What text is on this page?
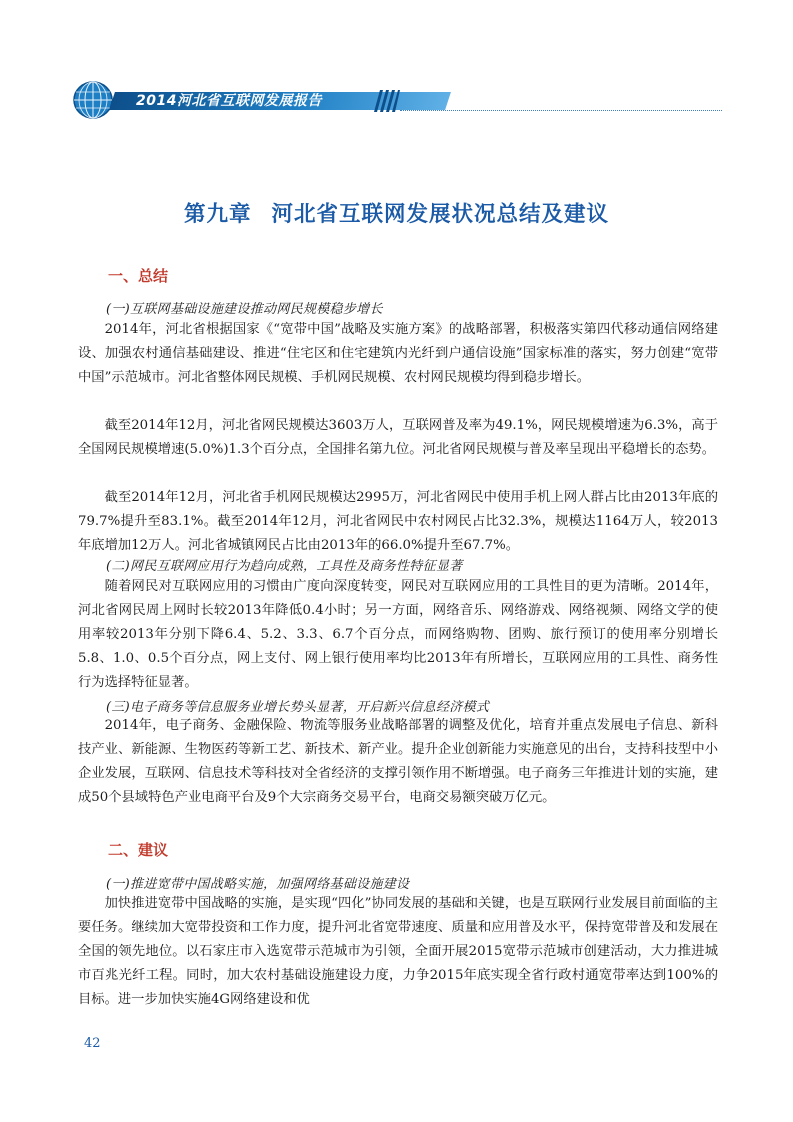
2014河北省互联网发展报告
第九章 河北省互联网发展状况总结及建议
一、总结
(一)互联网基础设施建设推动网民规模稳步增长

2014年，河北省根据国家《“宽带中国”战略及实施方案》的战略部署，积极落实第四代移动通信网络建设、加强农村通信基础建设、推进“住宅区和住宅建筑内光纤到户通信设施”国家标准的落实，努力创建“宽带中国”示范城市。河北省整体网民规模、手机网民规模、农村网民规模均得到稳步增长。

截至2014年12月，河北省网民规模达3603万人，互联网普及率为49.1%，网民规模增速为6.3%，高于全国网民规模增速(5.0%)1.3个百分点，全国排名第九位。河北省网民规模与普及率呈现出平稳增长的态势。

截至2014年12月，河北省手机网民规模达2995万，河北省网民中使用手机上网人群占比由2013年底的79.7%提升至83.1%。截至2014年12月，河北省网民中农村网民占比32.3%，规模达1164万人，较2013年底增加12万人。河北省城镇网民占比由2013年的66.0%提升至67.7%。

(二)网民互联网应用行为趋向成熟，工具性及商务性特征显著

随着网民对互联网应用的习惯由广度向深度转变，网民对互联网应用的工具性目的更为清晰。2014年，河北省网民周上网时长较2013年降低0.4小时；另一方面，网络音乐、网络游戏、网络视频、网络文学的使用率较2013年分别下降6.4、5.2、3.3、6.7个百分点，而网络购物、团购、旅行预订的使用率分别增长5.8、1.0、0.5个百分点，网上支付、网上银行使用率均比2013年有所增长，互联网应用的工具性、商务性行为选择特征显著。

(三)电子商务等信息服务业增长势头显著，开启新兴信息经济模式

2014年，电子商务、金融保险、物流等服务业战略部署的调整及优化，培育并重点发展电子信息、新科技产业、新能源、生物医药等新工艺、新技术、新产业。提升企业创新能力实施意见的出台，支持科技型中小企业发展，互联网、信息技术等科技对全省经济的支撑引领作用不断增强。电子商务三年推进计划的实施，建成50个县域特色产业电商平台及9个大宗商务交易平台，电商交易额突破万亿元。

二、建议
(一)推进宽带中国战略实施，加强网络基础设施建设

加快推进宽带中国战略的实施，是实现“四化”协同发展的基础和关键，也是互联网行业发展目前面临的主要任务。继续加大宽带投资和工作力度，提升河北省宽带速度、质量和应用普及水平，保持宽带普及和发展在全国的领先地位。以石家庄市入选宽带示范城市为引领，全面开展2015宽带示范城市创建活动，大力推进城市百兆光纤工程。同时，加大农村基础设施建设力度，力争2015年底实现全省行政村通宽带率达到100%的目标。进一步加快实施4G网络建设和优

42
